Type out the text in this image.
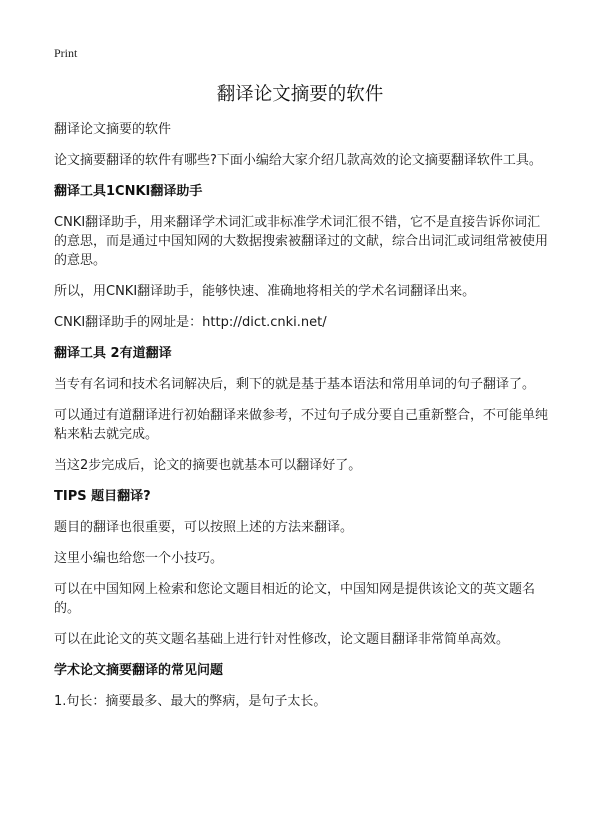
Print
翻译论文摘要的软件

翻译论文摘要的软件

论文摘要翻译的软件有哪些?下面小编给大家介绍几款高效的论文摘要翻译软件工具。

翻译工具1CNKI翻译助手

CNKI翻译助手，用来翻译学术词汇或非标准学术词汇很不错，它不是直接告诉你词汇的意思，而是通过中国知网的大数据搜索被翻译过的文献，综合出词汇或词组常被使用的意思。

所以，用CNKI翻译助手，能够快速、准确地将相关的学术名词翻译出来。

CNKI翻译助手的网址是：http://dict.cnki.net/

翻译工具 2有道翻译

当专有名词和技术名词解决后，剩下的就是基于基本语法和常用单词的句子翻译了。

可以通过有道翻译进行初始翻译来做参考，不过句子成分要自己重新整合，不可能单纯粘来粘去就完成。

当这2步完成后，论文的摘要也就基本可以翻译好了。

TIPS 题目翻译?

题目的翻译也很重要，可以按照上述的方法来翻译。

这里小编也给您一个小技巧。

可以在中国知网上检索和您论文题目相近的论文，中国知网是提供该论文的英文题名的。

可以在此论文的英文题名基础上进行针对性修改，论文题目翻译非常简单高效。

学术论文摘要翻译的常见问题

1.句长：摘要最多、最大的弊病，是句子太长。
